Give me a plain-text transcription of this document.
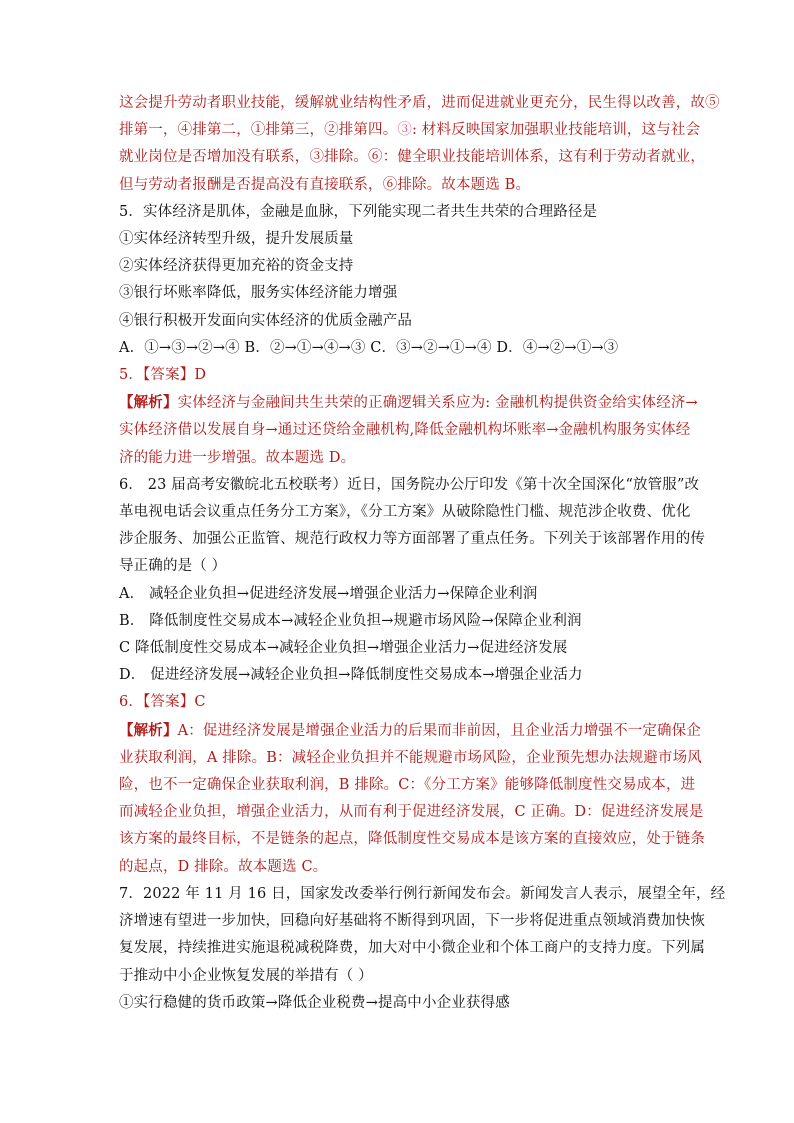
这会提升劳动者职业技能，缓解就业结构性矛盾，进而促进就业更充分，民生得以改善，故⑤
排第一，④排第二，①排第三，②排第四。③: 材料反映国家加强职业技能培训，这与社会
就业岗位是否增加没有联系，③排除。⑥：健全职业技能培训体系，这有利于劳动者就业，
但与劳动者报酬是否提高没有直接联系，⑥排除。故本题选 B。
5．实体经济是肌体，金融是血脉，下列能实现二者共生共荣的合理路径是
①实体经济转型升级，提升发展质量
②实体经济获得更加充裕的资金支持
③银行坏账率降低，服务实体经济能力增强
④银行积极开发面向实体经济的优质金融产品
A．①→③→②→④ B．②→①→④→③ C．③→②→①→④ D．④→②→①→③
5．【答案】D
【解析】实体经济与金融间共生共荣的正确逻辑关系应为: 金融机构提供资金给实体经济→
实体经济借以发展自身→通过还贷给金融机构,降低金融机构坏账率→金融机构服务实体经
济的能力进一步增强。故本题选 D。
6． 23 届高考安徽皖北五校联考）近日，国务院办公厅印发《第十次全国深化“放管服”改
革电视电话会议重点任务分工方案》，《分工方案》从破除隐性门槛、规范涉企收费、优化
涉企服务、加强公正监管、规范行政权力等方面部署了重点任务。下列关于该部署作用的传
导正确的是（ ）
A． 减轻企业负担→促进经济发展→增强企业活力→保障企业利润
B． 降低制度性交易成本→减轻企业负担→规避市场风险→保障企业利润
C 降低制度性交易成本→减轻企业负担→增强企业活力→促进经济发展
D． 促进经济发展→减轻企业负担→降低制度性交易成本→增强企业活力
6．【答案】C
【解析】A：促进经济发展是增强企业活力的后果而非前因，且企业活力增强不一定确保企
业获取利润，A 排除。B：减轻企业负担并不能规避市场风险，企业预先想办法规避市场风
险，也不一定确保企业获取利润，B 排除。C：《分工方案》能够降低制度性交易成本，进
而减轻企业负担，增强企业活力，从而有利于促进经济发展，C 正确。D：促进经济发展是
该方案的最终目标，不是链条的起点，降低制度性交易成本是该方案的直接效应，处于链条
的起点，D 排除。故本题选 C。
7．2022 年 11 月 16 日，国家发改委举行例行新闻发布会。新闻发言人表示，展望全年，经
济增速有望进一步加快，回稳向好基础将不断得到巩固，下一步将促进重点领域消费加快恢
复发展，持续推进实施退税减税降费，加大对中小微企业和个体工商户的支持力度。下列属
于推动中小企业恢复发展的举措有（ ）
①实行稳健的货币政策→降低企业税费→提高中小企业获得感
